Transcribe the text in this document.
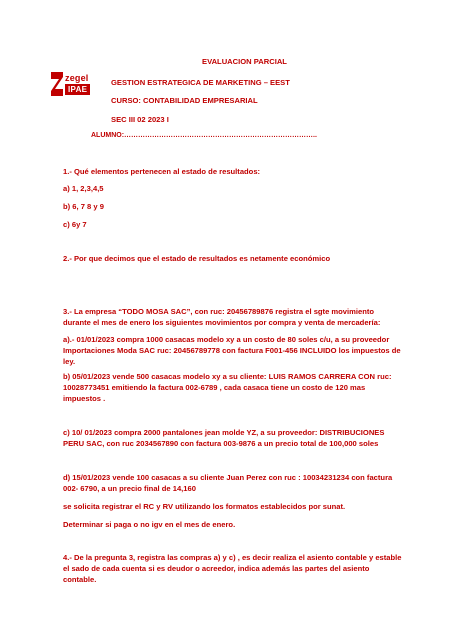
zegel
IPAE
EVALUACION PARCIAL
GESTION ESTRATEGICA DE MARKETING – EEST
CURSO: CONTABILIDAD EMPRESARIAL
SEC III 02 2023 I
ALUMNO:………………………………………………………………………..

1.- Qué elementos pertenecen al estado de resultados:

a) 1, 2,3,4,5
b) 6, 7 8 y 9
c) 6y 7

2.- Por que decimos que el estado de resultados es netamente económico

3.- La empresa “TODO MOSA SAC”, con ruc: 20456789876 registra el sgte movimiento durante el mes de enero los siguientes movimientos por compra y venta de mercadería:

a).- 01/01/2023 compra 1000 casacas modelo xy a un costo de 80 soles c/u, a su proveedor Importaciones Moda SAC ruc: 20456789778 con factura F001-456 INCLUIDO los impuestos de ley.

b) 05/01/2023 vende 500 casacas modelo xy a su cliente: LUIS RAMOS CARRERA CON ruc: 10028773451 emitiendo la factura 002-6789 , cada casaca tiene un costo de 120 mas impuestos .

c) 10/ 01/2023 compra 2000 pantalones jean molde YZ, a su proveedor: DISTRIBUCIONES PERU SAC, con ruc 2034567890 con factura 003-9876 a un precio total de 100,000 soles

d) 15/01/2023 vende 100 casacas a su cliente Juan Perez con ruc : 10034231234 con factura 002- 6790, a un precio final de 14,160

se solicita registrar el RC y RV utilizando los formatos establecidos por sunat.

Determinar si paga o no igv en el mes de enero.

4.- De la pregunta 3, registra las compras a) y c) , es decir realiza el asiento contable y estable el sado de cada cuenta si es deudor o acreedor, indica además las partes del asiento contable.
